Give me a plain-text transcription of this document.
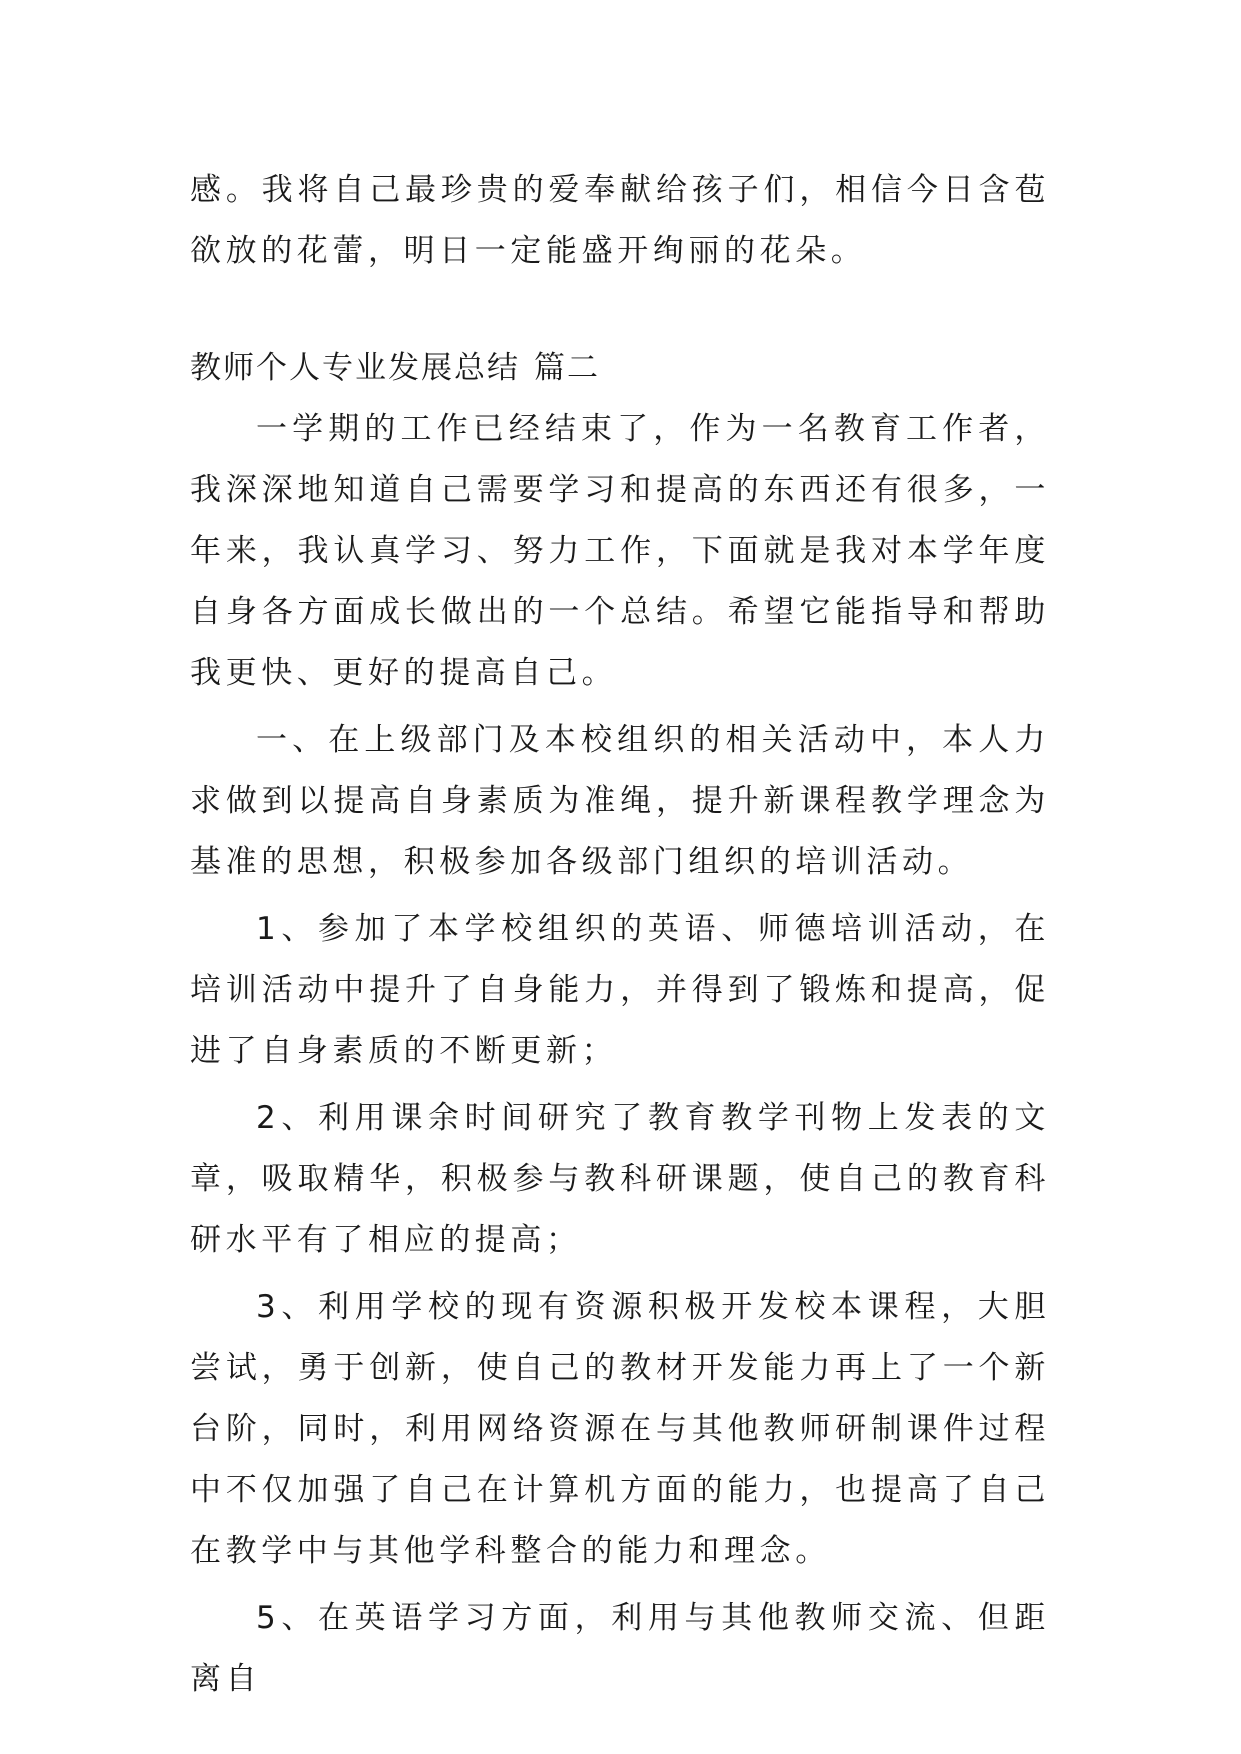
感。我将自己最珍贵的爱奉献给孩子们，相信今日含苞欲放的花蕾，明日一定能盛开绚丽的花朵。

教师个人专业发展总结 篇二

一学期的工作已经结束了，作为一名教育工作者，我深深地知道自己需要学习和提高的东西还有很多，一年来，我认真学习、努力工作，下面就是我对本学年度自身各方面成长做出的一个总结。希望它能指导和帮助我更快、更好的提高自己。

一、在上级部门及本校组织的相关活动中，本人力求做到以提高自身素质为准绳，提升新课程教学理念为基准的思想，积极参加各级部门组织的培训活动。

1、参加了本学校组织的英语、师德培训活动，在培训活动中提升了自身能力，并得到了锻炼和提高，促进了自身素质的不断更新；

2、利用课余时间研究了教育教学刊物上发表的文章，吸取精华，积极参与教科研课题，使自己的教育科研水平有了相应的提高；

3、利用学校的现有资源积极开发校本课程，大胆尝试，勇于创新，使自己的教材开发能力再上了一个新台阶，同时，利用网络资源在与其他教师研制课件过程中不仅加强了自己在计算机方面的能力，也提高了自己在教学中与其他学科整合的能力和理念。

5、在英语学习方面，利用与其他教师交流、但距离自
